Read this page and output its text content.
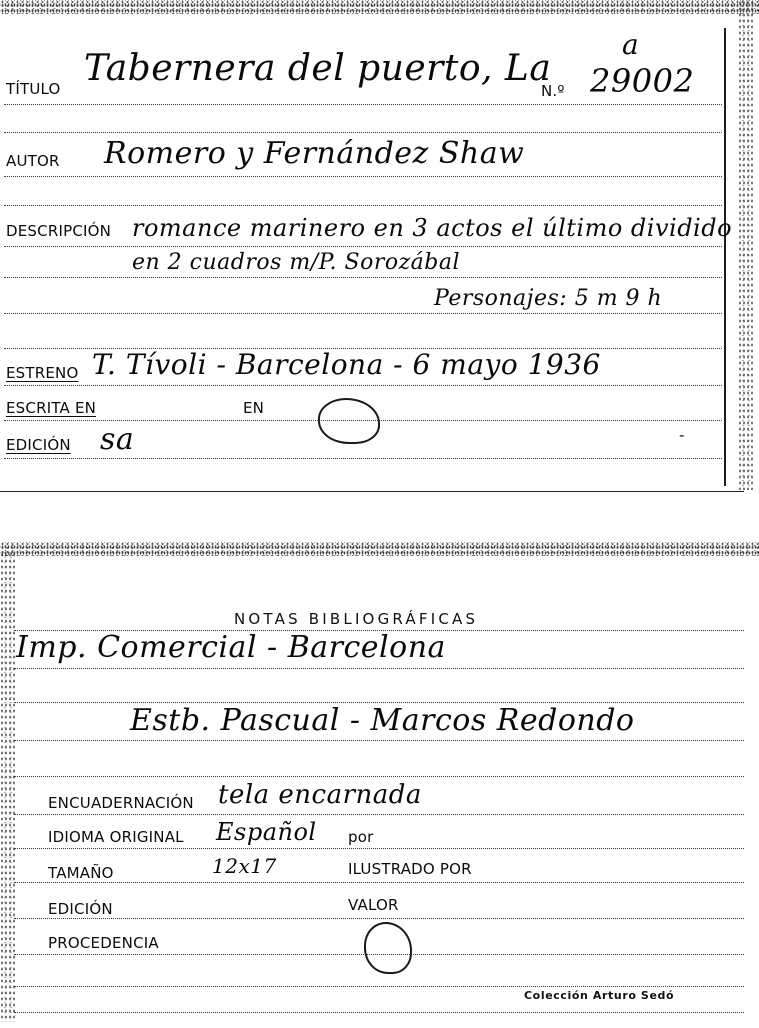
TÍTULO Tabernera del puerto, La
N.º 29002
a
AUTOR Romero y Fernández Shaw
DESCRIPCIÓN romance marinero en 3 actos el último dividido
en 2 cuadros m/P. Sorozábal
Personajes: 5 m 9 h
ESTRENO T. Tívoli - Barcelona - 6 mayo 1936
ESCRITA EN	EN
EDICIÓN sa	-
NOTAS BIBLIOGRÁFICAS
Imp. Comercial - Barcelona
Estb. Pascual - Marcos Redondo
ENCUADERNACIÓN tela encarnada
IDIOMA ORIGINAL Español por
TAMAÑO	12x17	ILUSTRADO POR
EDICIÓN	VALOR
PROCEDENCIA
Colección Arturo Sedó
